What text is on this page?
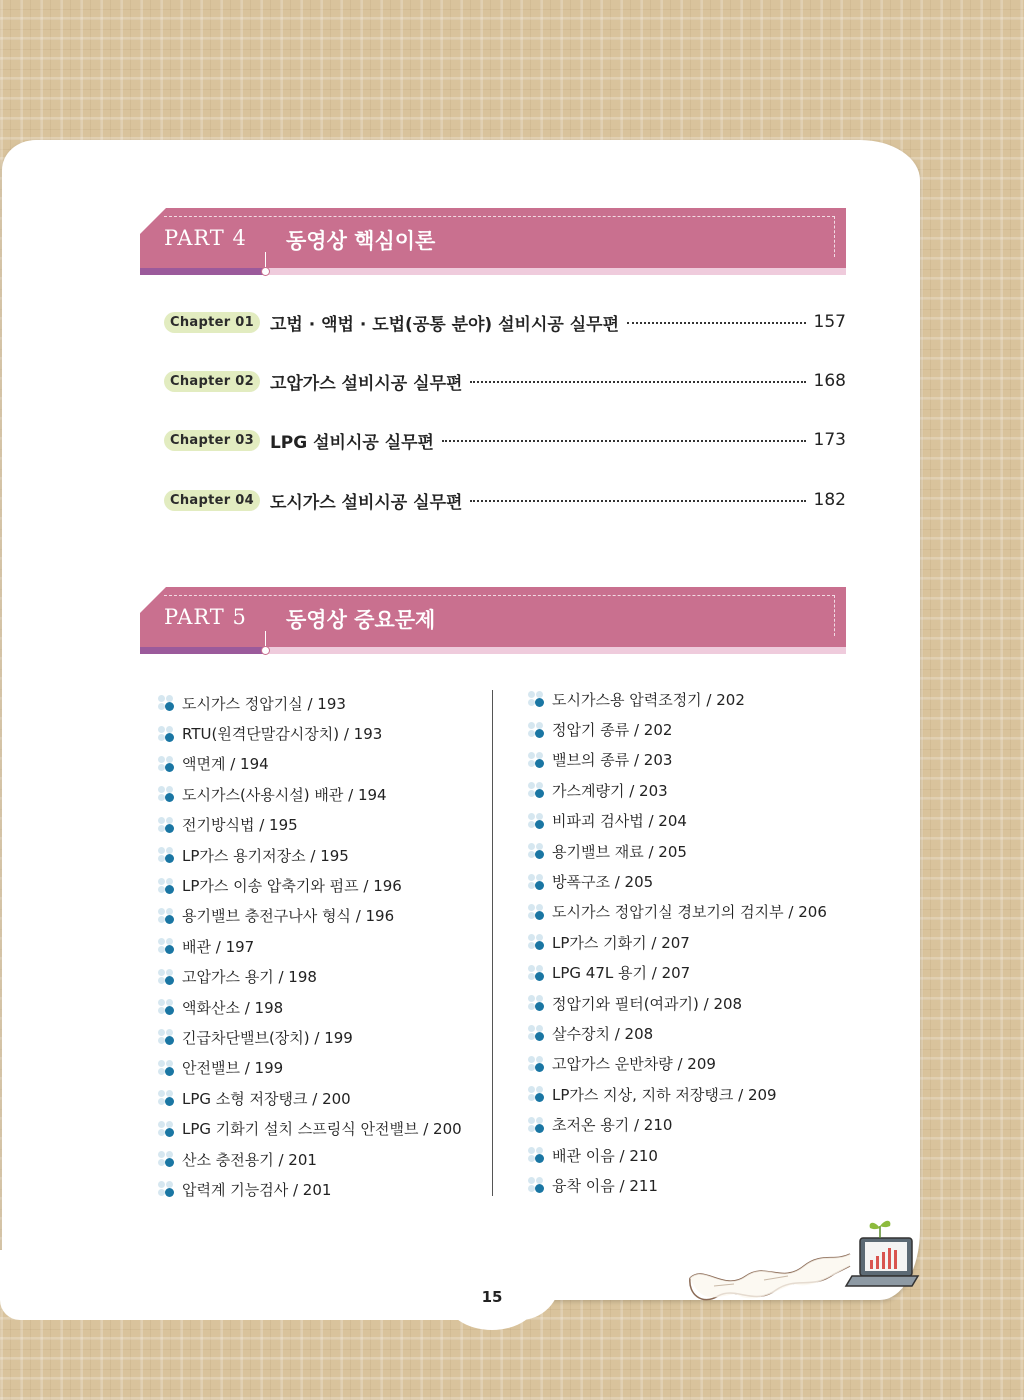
15
PART 4 동영상 핵심이론
Chapter 01 고법 · 액법 · 도법(공통 분야) 설비시공 실무편	157
Chapter 02 고압가스 설비시공 실무편	168
Chapter 03 LPG 설비시공 실무편	173
Chapter 04 도시가스 설비시공 실무편	182
PART 5 동영상 중요문제
도시가스 정압기실 / 193
RTU(원격단말감시장치) / 193
액면계 / 194
도시가스(사용시설) 배관 / 194
전기방식법 / 195
LP가스 용기저장소 / 195
LP가스 이송 압축기와 펌프 / 196
용기밸브 충전구나사 형식 / 196
배관 / 197
고압가스 용기 / 198
액화산소 / 198
긴급차단밸브(장치) / 199
안전밸브 / 199
LPG 소형 저장탱크 / 200
LPG 기화기 설치 스프링식 안전밸브 / 200
산소 충전용기 / 201
압력계 기능검사 / 201
도시가스용 압력조정기 / 202
정압기 종류 / 202
밸브의 종류 / 203
가스계량기 / 203
비파괴 검사법 / 204
용기밸브 재료 / 205
방폭구조 / 205
도시가스 정압기실 경보기의 검지부 / 206
LP가스 기화기 / 207
LPG 47L 용기 / 207
정압기와 필터(여과기) / 208
살수장치 / 208
고압가스 운반차량 / 209
LP가스 지상, 지하 저장탱크 / 209
초저온 용기 / 210
배관 이음 / 210
융착 이음 / 211
